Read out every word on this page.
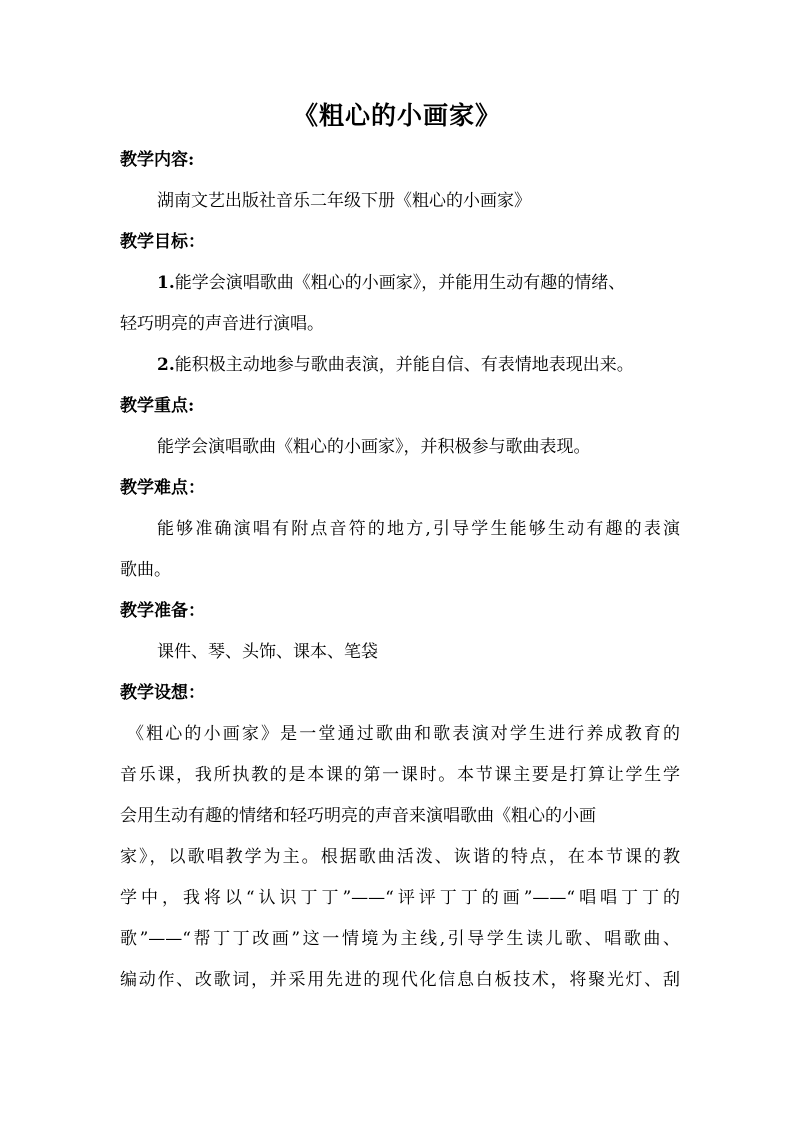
《粗心的小画家》
教学内容:
湖南文艺出版社音乐二年级下册《粗心的小画家》
教学目标：
1.能学会演唱歌曲《粗心的小画家》，并能用生动有趣的情绪、
轻巧明亮的声音进行演唱。
2.能积极主动地参与歌曲表演，并能自信、有表情地表现出来。
教学重点:
能学会演唱歌曲《粗心的小画家》，并积极参与歌曲表现。
教学难点：
能够准确演唱有附点音符的地方,引导学生能够生动有趣的表演
歌曲。
教学准备：
课件、琴、头饰、课本、笔袋
教学设想：
《粗心的小画家》是一堂通过歌曲和歌表演对学生进行养成教育的
音乐课，我所执教的是本课的第一课时。本节课主要是打算让学生学
会用生动有趣的情绪和轻巧明亮的声音来演唱歌曲《粗心的小画
家》，以歌唱教学为主。根据歌曲活泼、诙谐的特点，在本节课的教
学中，我将以“认识丁丁”——“评评丁丁的画”——“唱唱丁丁的
歌”——“帮丁丁改画”这一情境为主线,引导学生读儿歌、唱歌曲、
编动作、改歌词，并采用先进的现代化信息白板技术，将聚光灯、刮
